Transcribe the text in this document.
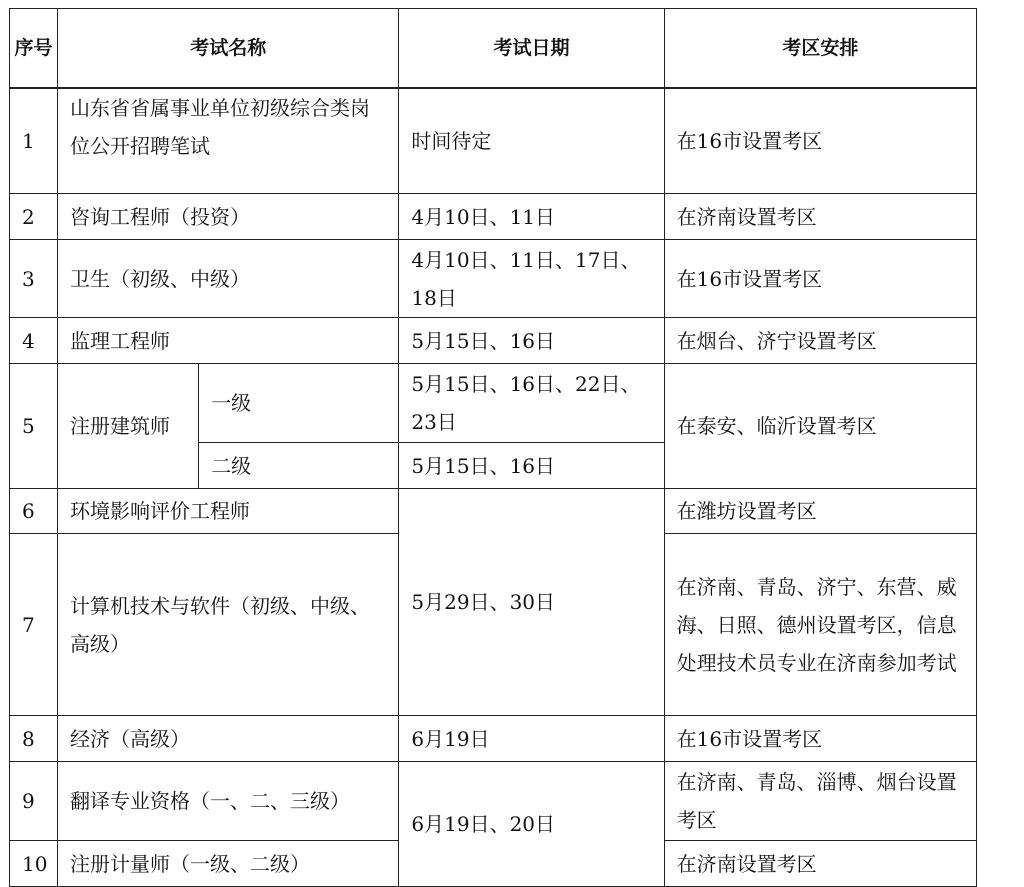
序号	考试名称		考试日期	考区安排
1	山东省省属事业单位初级综合类岗位公开招聘笔试		时间待定	在16市设置考区
2	咨询工程师（投资）		4月10日、11日	在济南设置考区
3	卫生（初级、中级）		4月10日、11日、17日、18日	在16市设置考区
4	监理工程师		5月15日、16日	在烟台、济宁设置考区
5	注册建筑师	一级	5月15日、16日、22日、23日	在泰安、临沂设置考区
		二级	5月15日、16日	
6	环境影响评价工程师		5月29日、30日	在潍坊设置考区
7	计算机技术与软件（初级、中级、高级）			在济南、青岛、济宁、东营、威海、日照、德州设置考区，信息处理技术员专业在济南参加考试
8	经济（高级）		6月19日	在16市设置考区
9	翻译专业资格（一、二、三级）		6月19日、20日	在济南、青岛、淄博、烟台设置考区
10	注册计量师（一级、二级）			在济南设置考区
